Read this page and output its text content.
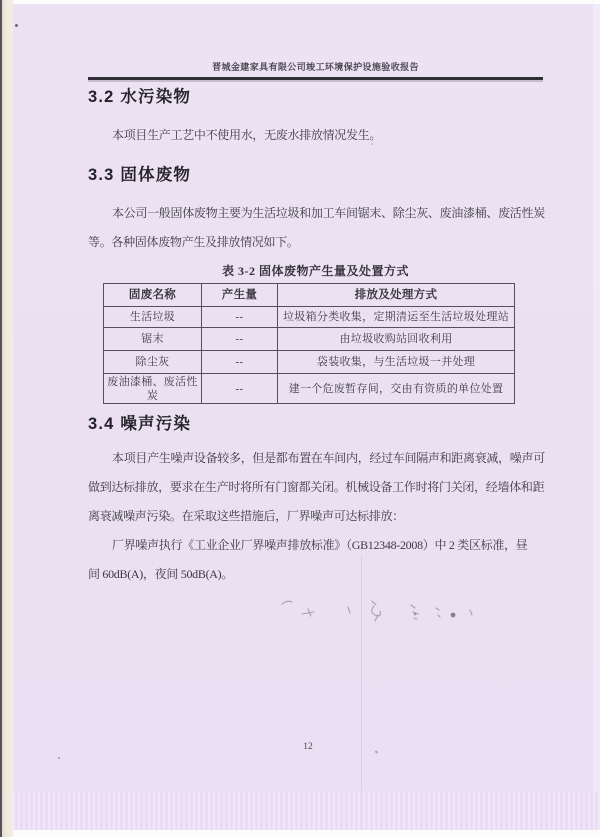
晋城金建家具有限公司竣工环境保护设施验收报告
3.2 水污染物
本项目生产工艺中不使用水，无废水排放情况发生。
3.3 固体废物
本公司一般固体废物主要为生活垃圾和加工车间锯末、除尘灰、废油漆桶、废活性炭
等。各种固体废物产生及排放情况如下。
表 3-2 固体废物产生量及处置方式
固废名称	产生量	排放及处理方式
生活垃圾	--	垃圾箱分类收集，定期清运至生活垃圾处理站
锯末	--	由垃圾收购站回收利用
除尘灰	--	袋装收集，与生活垃圾一并处理
废油漆桶、废活性炭	--	建一个危废暂存间，交由有资质的单位处置
3.4 噪声污染
本项目产生噪声设备较多，但是都布置在车间内，经过车间隔声和距离衰减，噪声可
做到达标排放，要求在生产时将所有门窗都关闭。机械设备工作时将门关闭，经墙体和距
离衰减噪声污染。在采取这些措施后，厂界噪声可达标排放：
厂界噪声执行《工业企业厂界噪声排放标准》（GB12348-2008）中 2 类区标准，昼
间 60dB(A)，夜间 50dB(A)。
12
